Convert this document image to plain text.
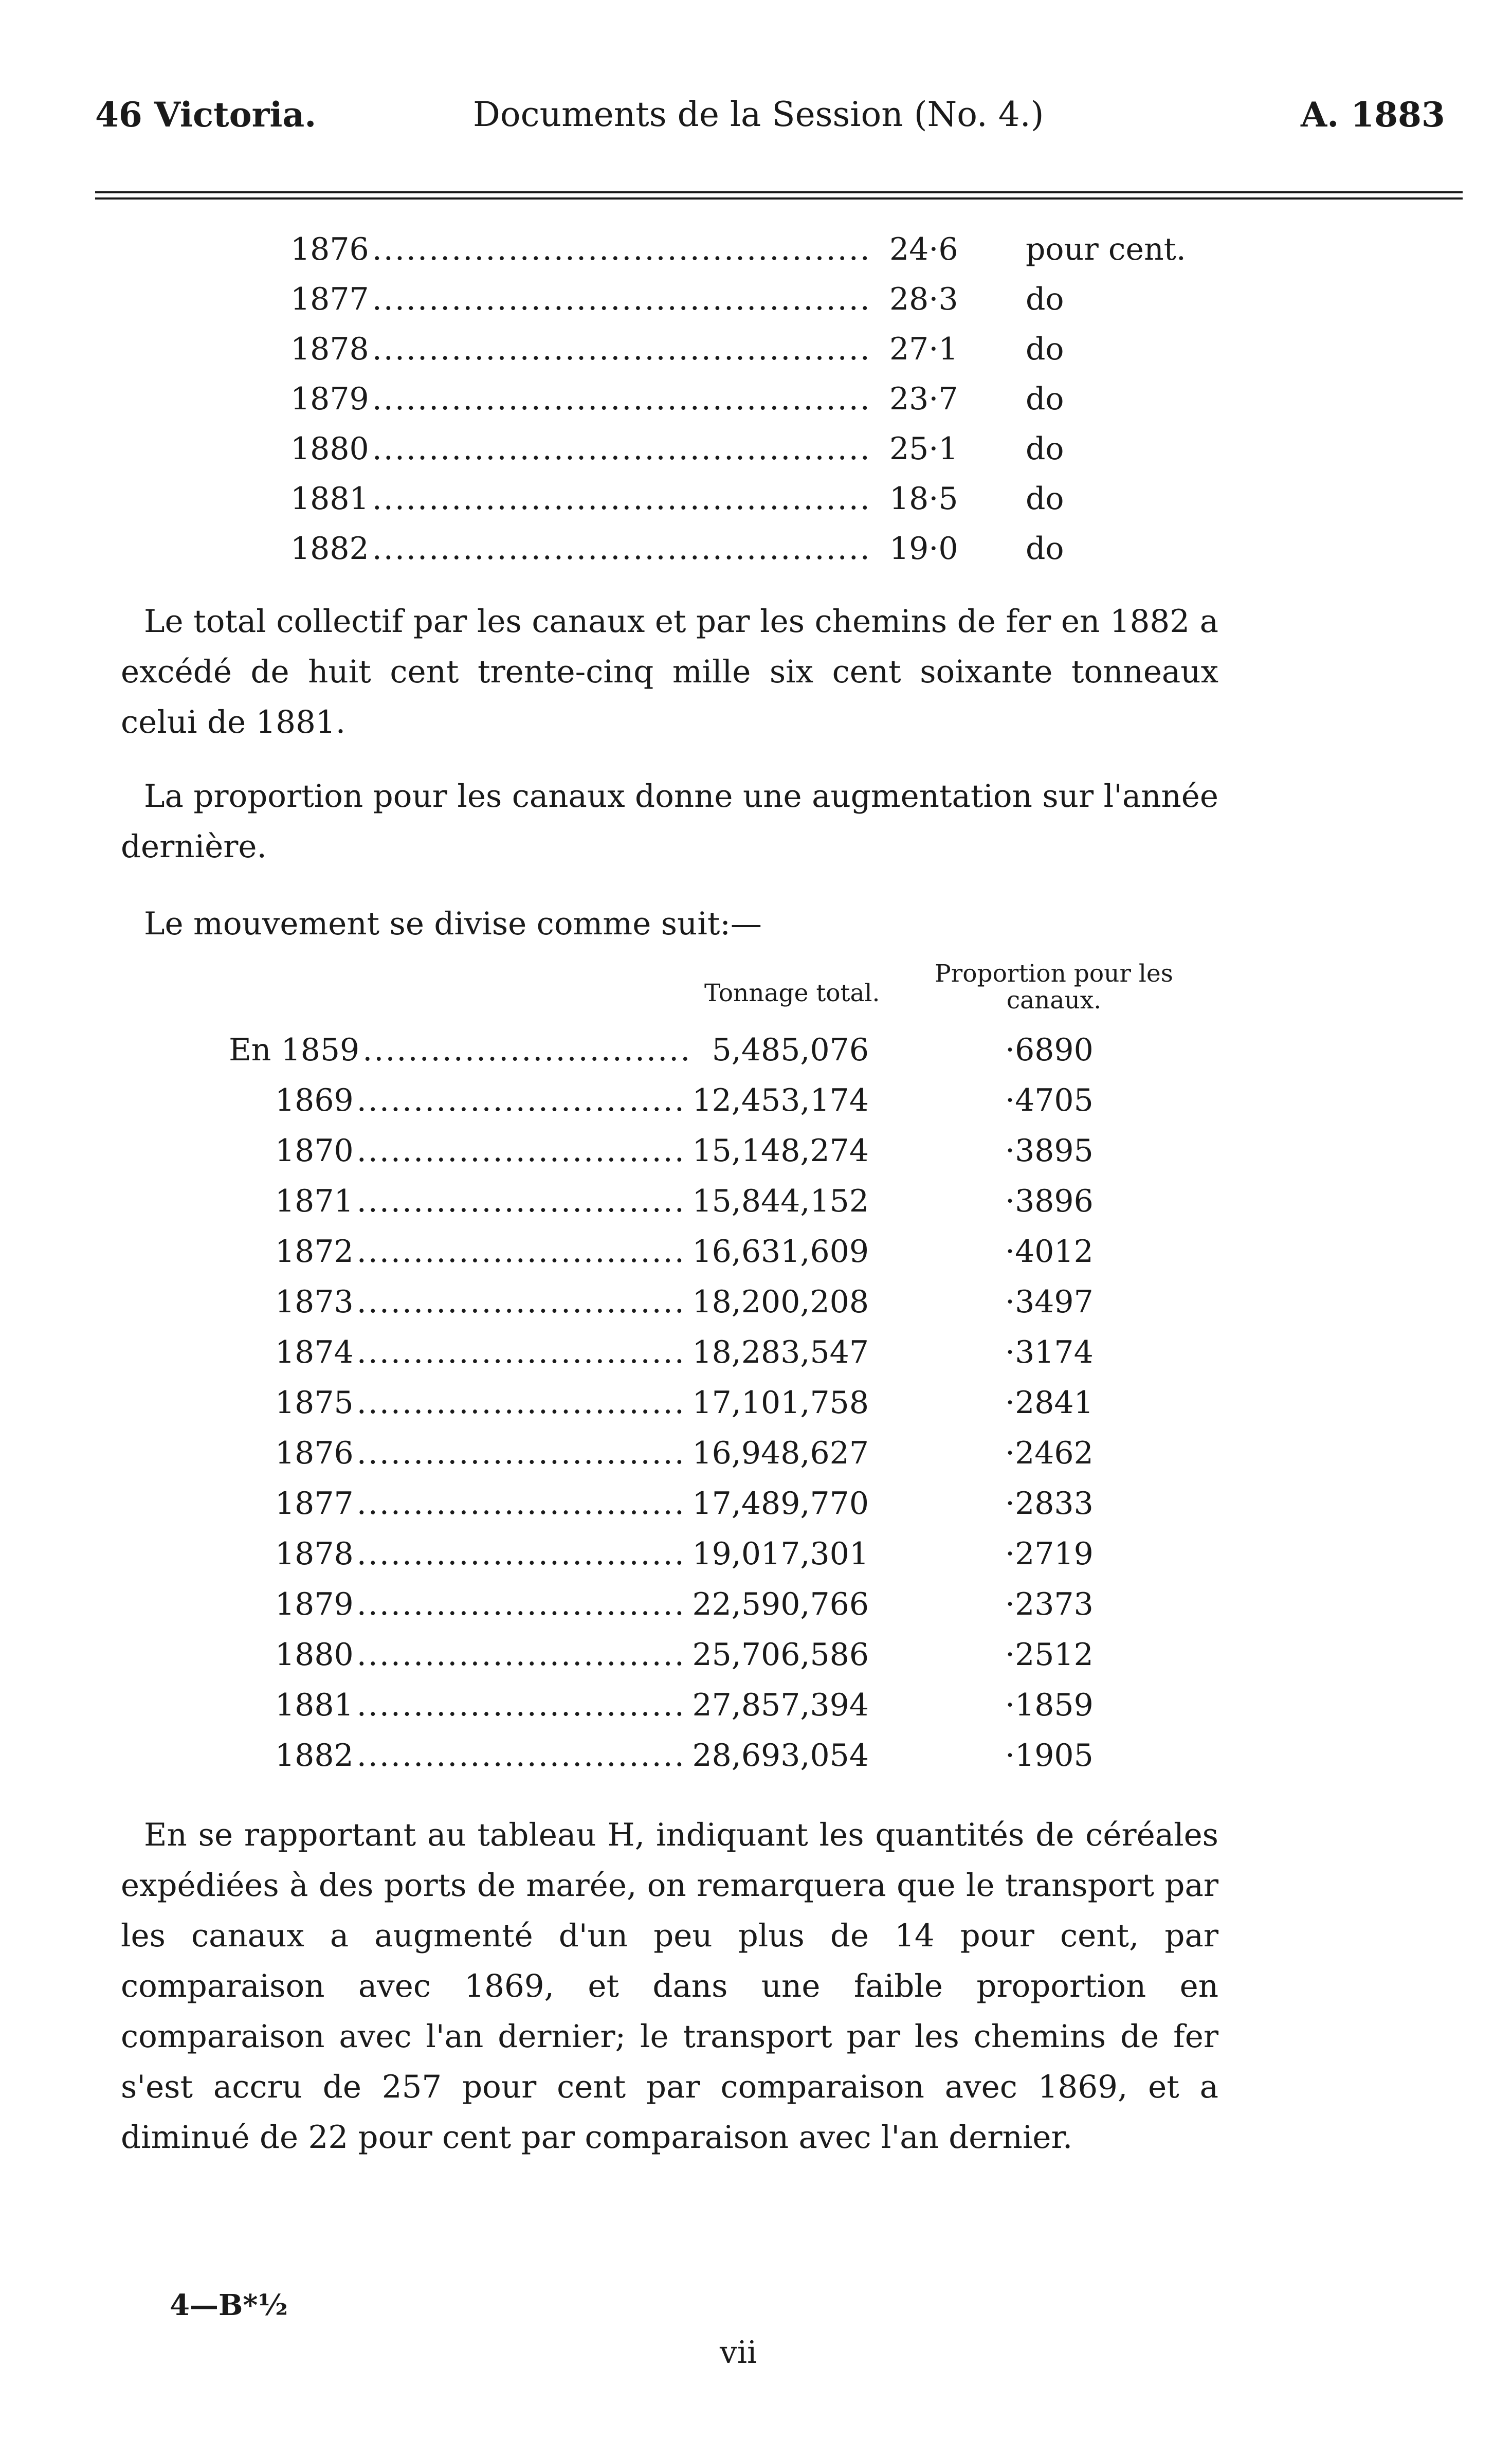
46 Victoria.	Documents de la Session (No. 4.)	A. 1883
1876 .....	24·6 pour cent.
1877 .....	28·3 do
1878 .....	27·1 do
1879 .....	23·7 do
1880 .....	25·1 do
1881 .....	18·5 do
1882 .....	19·0 do

Le total collectif par les canaux et par les chemins de fer en 1882 a excédé de huit cent trente-cinq mille six cent soixante tonneaux celui de 1881.

La proportion pour les canaux donne une augmentation sur l'année dernière.

Le mouvement se divise comme suit:—

Tonnage total.
Proportion pour les canaux.
En 1859 .....	5,485,076	·6890
1869 .....	12,453,174	·4705
1870 .....	15,148,274	·3895
1871 .....	15,844,152	·3896
1872 .....	16,631,609	·4012
1873 .....	18,200,208	·3497
1874 .....	18,283,547	·3174
1875 .....	17,101,758	·2841
1876 .....	16,948,627	·2462
1877 .....	17,489,770	·2833
1878 .....	19,017,301	·2719
1879 .....	22,590,766	·2373
1880 .....	25,706,586	·2512
1881 .....	27,857,394	·1859
1882 .....	28,693,054	·1905

En se rapportant au tableau H, indiquant les quantités de céréales expédiées à des ports de marée, on remarquera que le transport par les canaux a augmenté d'un peu plus de 14 pour cent, par comparaison avec 1869, et dans une faible proportion en comparaison avec l'an dernier; le transport par les chemins de fer s'est accru de 257 pour cent par comparaison avec 1869, et a diminué de 22 pour cent par comparaison avec l'an dernier.

4—B*½
vii
